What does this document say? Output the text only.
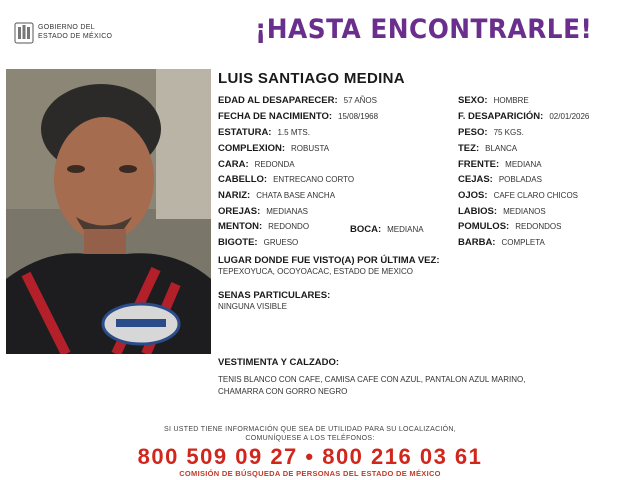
GOBIERNO DEL
ESTADO DE MÉXICO	¡HASTA ENCONTRARLE!
LUIS SANTIAGO MEDINA
EDAD AL DESAPARECER: 57 AÑOS
FECHA DE NACIMIENTO: 15/08/1968
ESTATURA: 1.5 MTS.
COMPLEXION: ROBUSTA
CARA: REDONDA
CABELLO: ENTRECANO CORTO
NARIZ: CHATA BASE ANCHA
OREJAS: MEDIANAS
MENTON: REDONDO	BOCA: MEDIANA
BIGOTE: GRUESO
SEXO: HOMBRE
F. DESAPARICIÓN: 02/01/2026
PESO: 75 KGS.
TEZ: BLANCA
FRENTE: MEDIANA
CEJAS: POBLADAS
OJOS: CAFE CLARO CHICOS
LABIOS: MEDIANOS
POMULOS: REDONDOS
BARBA: COMPLETA
LUGAR DONDE FUE VISTO(A) POR ÚLTIMA VEZ:
TEPEXOYUCA, OCOYOACAC, ESTADO DE MEXICO
SENAS PARTICULARES:
NINGUNA VISIBLE
VESTIMENTA Y CALZADO:
TENIS BLANCO CON CAFE, CAMISA CAFE CON AZUL, PANTALON AZUL MARINO,
CHAMARRA CON GORRO NEGRO
SI USTED TIENE INFORMACIÓN QUE SEA DE UTILIDAD PARA SU LOCALIZACIÓN,
COMUNÍQUESE A LOS TELÉFONOS:
800 509 09 27 • 800 216 03 61
COMISIÓN DE BÚSQUEDA DE PERSONAS DEL ESTADO DE MÉXICO
